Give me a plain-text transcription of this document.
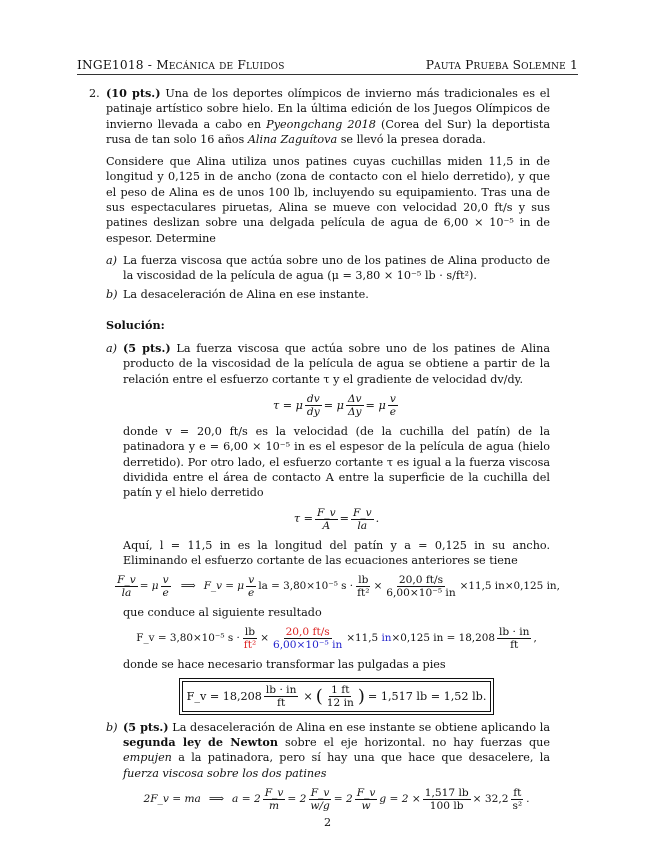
INGE1018 - Mecánica de Fluidos	Pauta Prueba Solemne 1
2. (10 pts.) Una de los deportes olímpicos de invierno más tradicionales es el patinaje artístico sobre hielo. En la última edición de los Juegos Olímpicos de invierno llevada a cabo en Pyeongchang 2018 (Corea del Sur) la deportista rusa de tan solo 16 años Alina Zaguítova se llevó la presea dorada.

Considere que Alina utiliza unos patines cuyas cuchillas miden 11,5 in de longitud y 0,125 in de ancho (zona de contacto con el hielo derretido), y que el peso de Alina es de unos 100 lb, incluyendo su equipamiento. Tras una de sus espectaculares piruetas, Alina se mueve con velocidad 20,0 ft/s y sus patines deslizan sobre una delgada película de agua de 6,00 × 10⁻⁵ in de espesor. Determine

a) La fuerza viscosa que actúa sobre uno de los patines de Alina producto de la viscosidad de la película de agua (μ = 3,80 × 10⁻⁵ lb · s/ft²).

b) La desaceleración de Alina en ese instante.

Solución:
a) (5 pts.) La fuerza viscosa que actúa sobre uno de los patines de Alina producto de la viscosidad de la película de agua se obtiene a partir de la relación entre el esfuerzo cortante τ y el gradiente de velocidad dv/dy.

τ = μ $\frac{dv}{dy} = \mu \frac{\Delta v}{\Delta y} = \mu \frac{v}{e}$

donde v = 20,0 ft/s es la velocidad (de la cuchilla del patín) de la patinadora y e = 6,00 × 10⁻⁵ in es el espesor de la película de agua (hielo derretido). Por otro lado, el esfuerzo cortante τ es igual a la fuerza viscosa dividida entre el área de contacto A entre la superficie de la cuchilla del patín y el hielo derretido

$\tau = \frac{F\_v}{A} = \frac{F\_v}{la}$ .

Aquí, l = 11,5 in es la longitud del patín y a = 0,125 in su ancho. Eliminando el esfuerzo cortante de las ecuaciones anteriores se tiene

$\frac{F\_v}{la} = \mu \frac{v}{e}$ ⟹ F_v = μ $\frac{v}{e}$ la = 3,80×10⁻⁵ $s \cdot \frac{lb}{\text{ft²}} \times \frac{20,0 ft/s}{\text{6,00×10⁻⁵ in}} \times 11,5$ in×0,125 in,

que conduce al siguiente resultado

F_v = 3,80×10⁻⁵ $s \cdot \frac{lb}{\text{ft²}} \times \frac{20,0 ft/s}{\text{6,00×10⁻⁵ in}} \times 11,5$
in ×0,125 in = $18,208 \frac{lb \cdot in}{ft}$ ,

donde se hace necesario transformar las pulgadas a pies

F_v = $18,208 \frac{lb \cdot in}{ft}$ × ( $\frac{1 ft}{12 in}$ ) = 1,517 lb = 1,52 lb.
b) (5 pts.) La desaceleración de Alina en ese instante se obtiene aplicando la segunda ley de Newton sobre el eje horizontal. no hay fuerzas que empujen a la patinadora, pero sí hay una que hace que desacelere, la fuerza viscosa sobre los dos patines

2F_v = ma ⟹ $a = 2 \frac{F\_v}{m} = 2 \frac{F\_v}{w/g} = 2 \frac{F\_v}{w}$ $g = 2 \times \frac{1,517 lb}{100 lb} \times 32,2 \frac{ft}{\text{s²}}$ .
2
